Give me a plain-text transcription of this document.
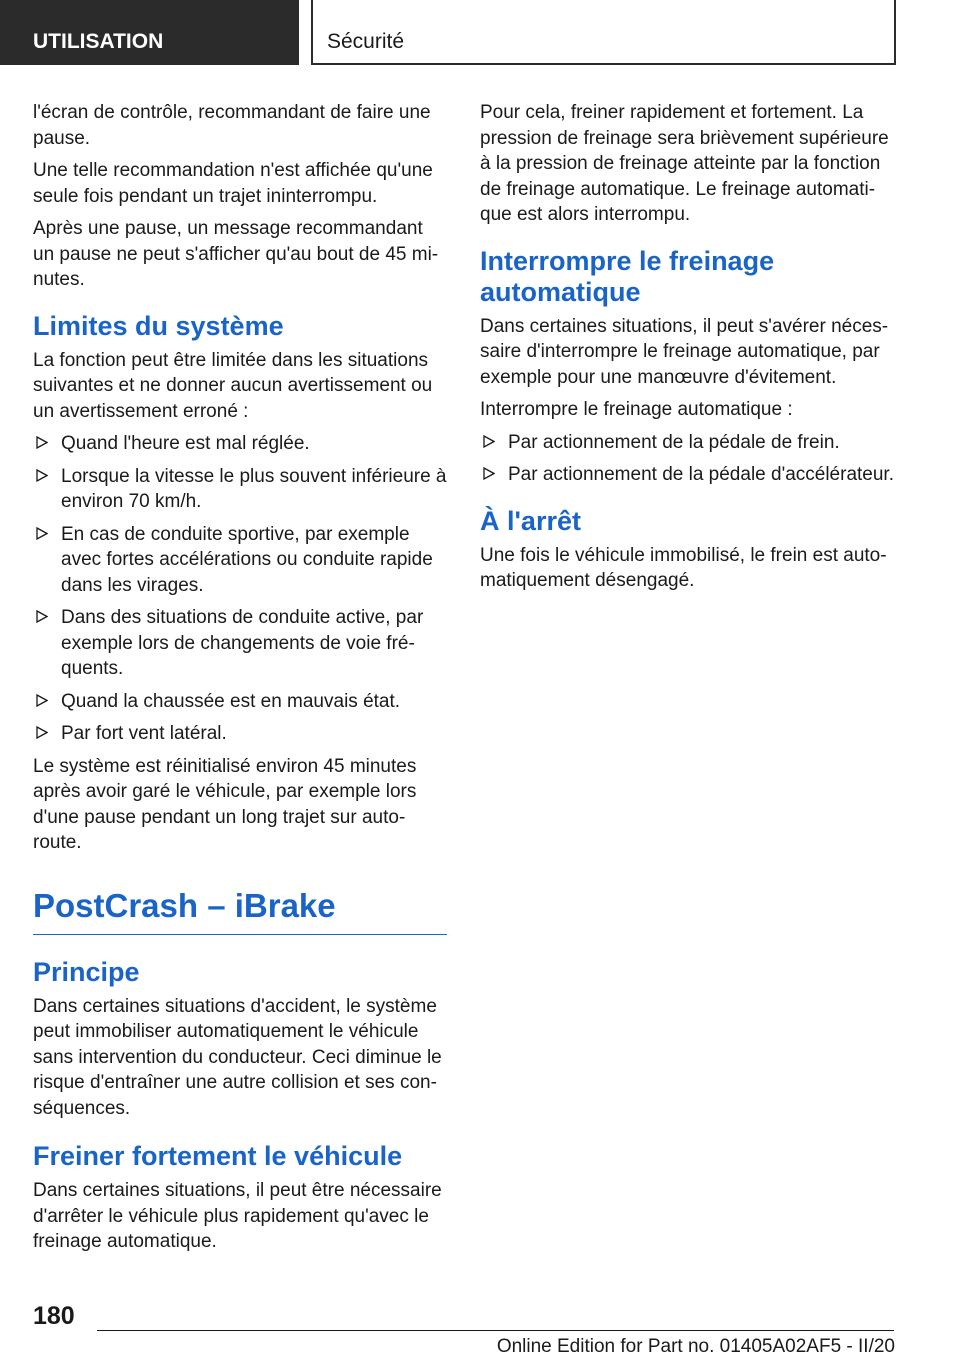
UTILISATION	Sécurité

l'écran de contrôle, recommandant de faire une pause.

Une telle recommandation n'est affichée qu'une seule fois pendant un trajet ininterrompu.

Après une pause, un message recommandant un pause ne peut s'afficher qu'au bout de 45 mi‐nutes.

Limites du système

La fonction peut être limitée dans les situations suivantes et ne donner aucun avertissement ou un avertissement erroné :

Quand l'heure est mal réglée.
Lorsque la vitesse le plus souvent inférieure à environ 70 km/h.
En cas de conduite sportive, par exemple avec fortes accélérations ou conduite rapide dans les virages.
Dans des situations de conduite active, par exemple lors de changements de voie fré‐quents.
Quand la chaussée est en mauvais état.
Par fort vent latéral.

Le système est réinitialisé environ 45 minutes après avoir garé le véhicule, par exemple lors d'une pause pendant un long trajet sur auto‐route.

PostCrash – iBrake
Principe

Dans certaines situations d'accident, le système peut immobiliser automatiquement le véhicule sans intervention du conducteur. Ceci diminue le risque d'entraîner une autre collision et ses con‐séquences.

Freiner fortement le véhicule

Dans certaines situations, il peut être nécessaire d'arrêter le véhicule plus rapidement qu'avec le freinage automatique.

Pour cela, freiner rapidement et fortement. La pression de freinage sera brièvement supérieure à la pression de freinage atteinte par la fonction de freinage automatique. Le freinage automati‐que est alors interrompu.

Interrompre le freinage automatique

Dans certaines situations, il peut s'avérer néces‐saire d'interrompre le freinage automatique, par exemple pour une manœuvre d'évitement.

Interrompre le freinage automatique :

Par actionnement de la pédale de frein.
Par actionnement de la pédale d'accélérateur.
À l'arrêt

Une fois le véhicule immobilisé, le frein est auto‐matiquement désengagé.

180
Online Edition for Part no. 01405A02AF5 - II/20
